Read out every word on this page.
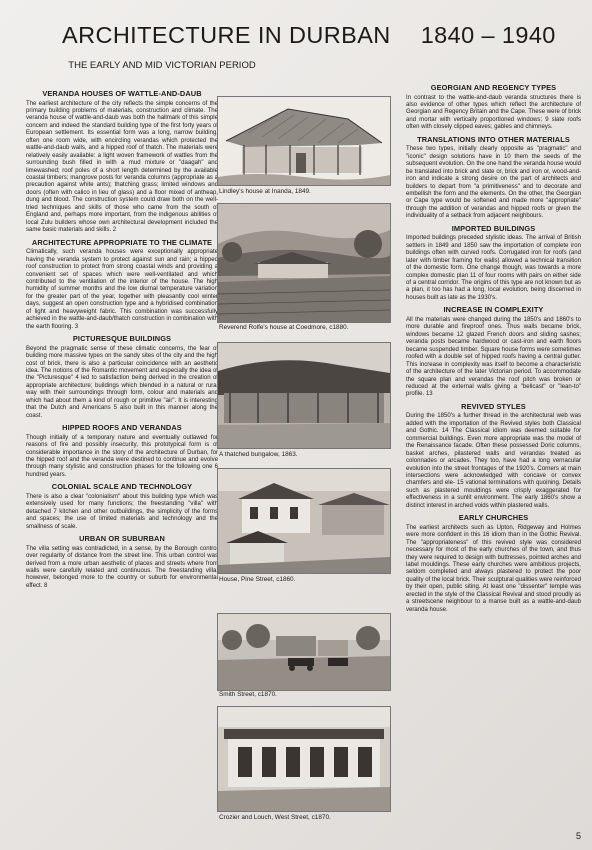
ARCHITECTURE IN DURBAN 1840 – 1940
THE EARLY AND MID VICTORIAN PERIOD
VERANDA HOUSES OF WATTLE-AND-DAUB

The earliest architecture of the city reflects the simple concerns of the primary building problems of materials, construction and climate. The veranda house of wattle-and-daub was both the hallmark of this simple concern and indeed the standard building type of the first forty years of European settlement. Its essential form was a long, narrow building, often one room wide, with encircling verandas which protected the wattle-and-daub walls, and a hipped roof of thatch. The materials were relatively easily available: a light woven framework of wattles from the surrounding bush filled in with a mud mixture or "daagah" and limewashed; roof poles of a short length determined by the available coastal timbers; mangrove posts for veranda columns (appropriate as a precaution against white ants); thatching grass; limited windows and doors (often with calico in lieu of glass) and a floor mixed of antheap, dung and blood. The construction system could draw both on the well-tried techniques and skills of those who came from the south of England and, perhaps more important, from the indigenous abilities of local Zulu builders whose own architectural development included the same basic materials and skills. 2

ARCHITECTURE APPROPRIATE TO THE CLIMATE

Climatically, such veranda houses were exceptionally appropriate having the veranda system to protect against sun and rain; a hipped roof construction to protect from strong coastal winds and providing a convenient set of spaces which were well-ventilated and which contributed to the ventilation of the interior of the house. The high humidity of summer months and the low diurnal temperature variation for the greater part of the year, together with pleasantly cool winter days, suggest an open construction type and a hybridised combination of light and heavyweight fabric. This combination was successfully achieved in the wattle-and-daub/thatch construction in combination with the earth flooring. 3

PICTURESQUE BUILDINGS

Beyond the pragmatic sense of these climatic concerns, the fear of building more massive types on the sandy sites of the city and the high cost of brick, there is also a particular coincidence with an aesthetic idea. The notions of the Romantic movement and especially the idea of the "Picturesque" 4 led to satisfaction being derived in the creation of appropriate architecture; buildings which blended in a natural or rural way with their surroundings through form, colour and materials and which had about them a kind of rough or primitive "air". It is interesting that the Dutch and Americans 5 also built in this manner along the coast.

HIPPED ROOFS AND VERANDAS

Though initially of a temporary nature and eventually outlawed for reasons of fire and possibly insecurity, this prototypical form is of considerable importance in the story of the architecture of Durban, for the hipped roof and the veranda were destined to continue and evolve through many stylistic and construction phases for the following one 6 hundred years.

COLONIAL SCALE AND TECHNOLOGY

There is also a clear "colonialism" about this building type which was extensively used for many functions; the freestanding "villa" with detached 7 kitchen and other outbuildings, the simplicity of the forms and spaces; the use of limited materials and technology and the smallness of scale.

URBAN OR SUBURBAN

The villa setting was contradicted, in a sense, by the Borough control over regularity of distance from the street line. This urban control was derived from a more urban aesthetic of places and streets where front walls were carefully related and continuous. The freestanding villa, however, belonged more to the country or suburb for environmental effect. 8

Lindley's house at Inanda, 1849.
Reverend Rolfe's house at Coedmore, c1880.
A thatched bungalow, 1863.
House, Pine Street, c1860.
Smith Street, c1870.
Crozier and Louch, West Street, c1870.
GEORGIAN AND REGENCY TYPES

In contrast to the wattle-and-daub veranda structures there is also evidence of other types which reflect the architecture of Georgian and Regency Britain and the Cape. These were of brick and mortar with vertically proportioned windows; 9 slate roofs often with closely clipped eaves; gables and chimneys.

TRANSLATIONS INTO OTHER MATERIALS

These two types, initially clearly opposite as "pragmatic" and "iconic" design solutions have in 10 them the seeds of the subsequent evolution. On the one hand the veranda house would be translated into brick and slate or, brick and iron or, wood-and-iron and indicate a strong desire on the part of architects and builders to depart from "a primitiveness" and to decorate and embellish the form and the elements. On the other, the Georgian or Cape type would be softened and made more "appropriate" through the addition of verandas and hipped roofs or given the individuality of a setback from adjacent neighbours.

IMPORTED BUILDINGS

Imported buildings preceded stylistic ideas. The arrival of British settlers in 1849 and 1850 saw the importation of complete iron buildings often with curved roofs. Corrugated iron for roofs (and later with timber framing for walls) allowed a technical transition of the domestic form. One change though, was towards a more complex domestic plan 11 of four rooms with pairs on either side of a central corridor. The origins of this type are not known but as a plan, it too has had a long, local evolution, being discerned in houses built as late as the 1930's.

INCREASE IN COMPLEXITY

All the materials were changed during the 1850's and 1860's to more durable and fireproof ones. Thus walls became brick, windows became 12 glazed French doors and sliding sashes; veranda posts became hardwood or cast-iron and earth floors became suspended timber. Square house forms were sometimes roofed with a double set of hipped roofs having a central gutter. This increase in complexity was itself to become a characteristic of the architecture of the later Victorian period. To accommodate the square plan and verandas the roof pitch was broken or reduced at the external walls giving a "bellcast" or "lean-to" profile. 13

REVIVED STYLES

During the 1850's a further thread in the architectural web was added with the importation of the Revived styles both Classical and Gothic. 14 The Classical idiom was deemed suitable for commercial buildings. Even more appropriate was the model of the Renaissance facade. Often these possessed Doric columns, basket arches, pilastered walls and verandas treated as colonnades or arcades. They too, have had a long vernacular evolution into the street frontages of the 1920's. Corners at main intersections were acknowledged with concave or convex chamfers and ele- 15 vational terminations with quoining. Details such as plastered mouldings were crisply exaggerated for effectiveness in a sunlit environment. The early 1860's show a distinct interest in arched voids within plastered walls.

EARLY CHURCHES

The earliest architects such as Upton, Ridgeway and Holmes were more confident in this 16 idiom than in the Gothic Revival. The "appropriateness" of this revived style was considered necessary for most of the early churches of the town, and thus they were required to design with buttresses, pointed arches and label mouldings. These early churches were ambitious projects, seldom completed and always plastered to protect the poor quality of the local brick. Their sculptural qualities were reinforced by their open, public siting. At least one "dissenter" temple was erected in the style of the Classical Revival and stood proudly as a streetscene neighbour to a manse built as a wattle-and-daub veranda house.

5
